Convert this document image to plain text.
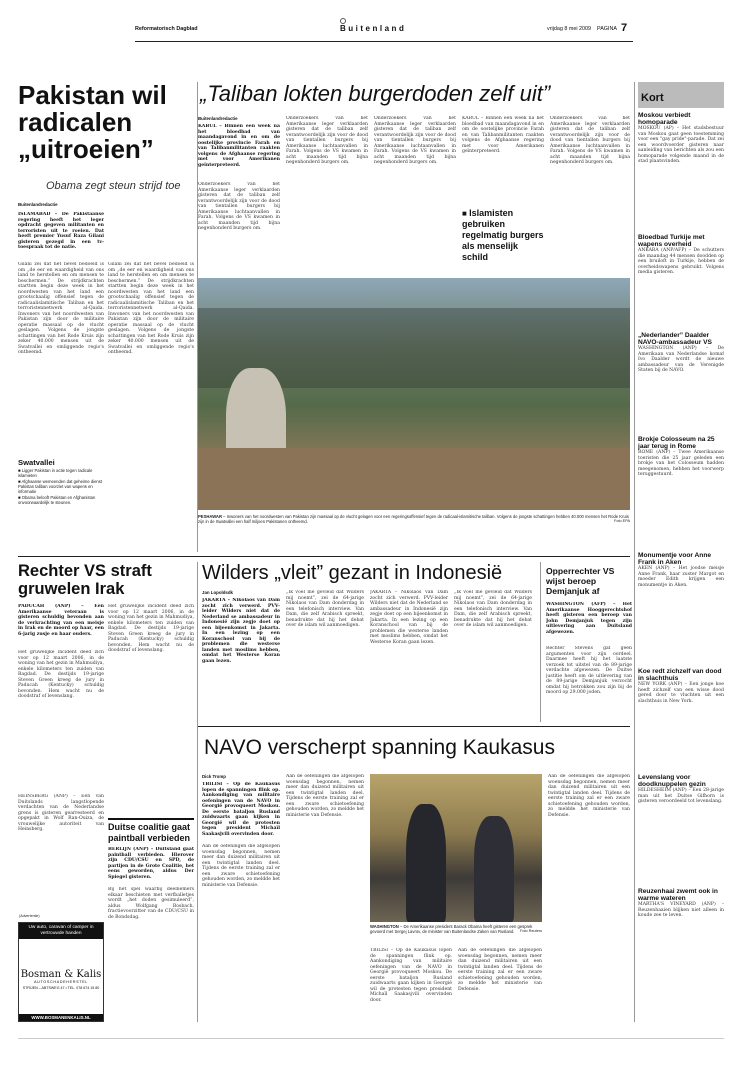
Reformatorisch Dagblad	Buitenland	vrijdag 8 mei 2009 PAGINA 7
Pakistan wil radicalen „uitroeien”
Obama zegt steun strijd toe
Buitenlandredactie
ISLAMABAD – De Pakistaanse regering heeft het leger opdracht gegeven militanten en terroristen uit te roeien. Dat heeft premier Yusuf Raza Gilani gisteren gezegd in een tv-toespraak tot de natie.
Gilani zei dat het bevel bedoeld is om „de eer en waardigheid van ons land te herstellen en om mensen te beschermen.” De strijdkrachten startten begin deze week in het noordwesten van het land een grootschaalig offensief tegen de radicaalislamitische Taliban en het terroristennetwerk al-Qaida. Inwoners van het noordwesten van Pakistan zijn door de militaire operatie massaal op de vlucht geslagen. Volgens de jongste schattingen van het Rode Kruis zijn zeker 40.000 mensen uit de Swatvallei en omliggende regio's ontheemd.
Swatvallei
■ Ligger Pakistan in actie tegen radicale islamieten
■ Afghaanse wemeenden dat geheime dienst Pakistan taliban voorziet van wapens en informatie
■ Obama belooft Pakistan en Afghanistan onvoorwaardelijk te steunen.
Gilani zei dat het bevel bedoeld is om „de eer en waardigheid van ons land te herstellen en om mensen te beschermen.” De strijdkrachten startten begin deze week in het noordwesten van het land een grootschaalig offensief tegen de radicaalislamitische Taliban en het terroristennetwerk al-Qaida. Inwoners van het noordwesten van Pakistan zijn door de militaire operatie massaal op de vlucht geslagen. Volgens de jongste schattingen van het Rode Kruis zijn zeker 40.000 mensen uit de Swatvallei en omliggende regio's ontheemd.
„Taliban lokten burgerdoden zelf uit”
Buitenlandredactie
KABUL – Binnen een week na het bloedbad van maandagavond in en om de oostelijke provincie Farah en van Talibanmilitanten raakten volgens de Afghaanse regering met voor Amerikanen geïnterpreteerd.
Onderzoekers van het Amerikaanse leger verklaarden gisteren dat de taliban zelf verantwoordelijk zijn voor de dood van tientallen burgers bij Amerikaanse luchtaanvallen in Farah. Volgens de VS kwamen in acht maanden tijd bijna negenhonderd burgers om.
Onderzoekers van het Amerikaanse leger verklaarden gisteren dat de taliban zelf verantwoordelijk zijn voor de dood van tientallen burgers bij Amerikaanse luchtaanvallen in Farah. Volgens de VS kwamen in acht maanden tijd bijna negenhonderd burgers om.
Onderzoekers van het Amerikaanse leger verklaarden gisteren dat de taliban zelf verantwoordelijk zijn voor de dood van tientallen burgers bij Amerikaanse luchtaanvallen in Farah. Volgens de VS kwamen in acht maanden tijd bijna negenhonderd burgers om.
KABUL – Binnen een week na het bloedbad van maandagavond in en om de oostelijke provincie Farah en van Talibanmilitanten raakten volgens de Afghaanse regering met voor Amerikanen geïnterpreteerd.
■ Islamisten gebruiken regelmatig burgers als menselijk schild
Onderzoekers van het Amerikaanse leger verklaarden gisteren dat de taliban zelf verantwoordelijk zijn voor de dood van tientallen burgers bij Amerikaanse luchtaanvallen in Farah. Volgens de VS kwamen in acht maanden tijd bijna negenhonderd burgers om.
PESHAWAR – Inwoners van het noordwesten van Pakistan zijn massaal op de vlucht gelagen voor een regeringsoffensief tegen de radicaal-islamitische taliban. Volgens de jongste schattingen hebben 40.000 mensen het Rode Kruis zijn in de Swatvallei een half miljoen Pakistanen ontheemd.	Foto EPA
Rechter VS straft gruwelen Irak
PADUCAH (ANP) – Een Amerikaanse veteraan is gisteren schuldig bevonden aan de verkrachting van een meisje in Irak en de moord op haar, een 6-jarig zusje en haar ouders.
Het gruwelijke incident deed zich voor op 12 maart 2006, in de woning van het gezin in Mahmudiya, enkele kilometers ten zuiden van Bagdad. De destijds 19-jarige Steven Green kreeg de jury in Paducah (Kentucky) schuldig bevonden. Hem wacht nu de doodstraf of levenslang.
Het gruwelijke incident deed zich voor op 12 maart 2006, in de woning van het gezin in Mahmudiya, enkele kilometers ten zuiden van Bagdad. De destijds 19-jarige Steven Green kreeg de jury in Paducah (Kentucky) schuldig bevonden. Hem wacht nu de doodstraf of levenslang.
HEINSBERG (ANP) – Een van Duitslands langstlopende verdachten van de Nederlandse grens is gisteren gearresteerd en opgepakt in Wolf Ran-Ouiza, de vrouwelijke autoriteit van Heinsberg.	Duitse coalitie gaat paintball verbieden
BERLIJN (ANP) – Duitsland gaat paintball verbieden. Hierover zijn CDU/CSU en SPD, de partijen in de Grote Coalitie, het eens geworden, aldus Der Spiegel gisteren.
Bij het spel waarbij deelnemers elkaar beschieten met verfballetjes wordt „het doden gesimuleerd”, aldus Wolfgang Bosbach, fractievoorzitter van de CDU/CSU in de Bondsdag.
(Advertentie)
Uw auto, caravan of camper in vertrouwde handen
Bosman & Kalis
AUTOSCHADEHERSTEL
STRIJEN – ABTSWEG 47 • TEL. 078 674 15 80
WWW.BOSMANENKALIS.NL
Wilders „vleit” gezant in Indonesië
Jan Lopoldsdk
JAKARTA – Nikolaos van Dam zocht zich verwerd. PVV-leider Wilders niet dat de Nederland se ambassadeur in Indonesië zijn zegje doet op een bijeenkomst in Jakarta. In een lezing op een Koranschool van bij de problemen die westerse landen met moslims hebben, omdat het Westerse Koran gaan lezen.
„Ik voel me gevleid dat Wilders mij noemt”, zei de 64-jarige Nikolaos van Dam donderdag in een telefonisch interview. Van Dam, die zelf Arabisch spreekt, benadrukte dat hij het debat over de islam wil aanmoedigen.
JAKARTA – Nikolaos van Dam zocht zich verwerd. PVV-leider Wilders niet dat de Nederland se ambassadeur in Indonesië zijn zegje doet op een bijeenkomst in Jakarta. In een lezing op een Koranschool van bij de problemen die westerse landen met moslims hebben, omdat het Westerse Koran gaan lezen.
„Ik voel me gevleid dat Wilders mij noemt”, zei de 64-jarige Nikolaos van Dam donderdag in een telefonisch interview. Van Dam, die zelf Arabisch spreekt, benadrukte dat hij het debat over de islam wil aanmoedigen.
Opperrechter VS wijst beroep Demjanjuk af
WASHINGTON (AFP) – Het Amerikaanse Hooggerechtshof heeft gisteren een beroep van John Demjanjuk tegen zijn uitlevering aan Duitsland afgewezen.
Rechter Stevens gaf geen argumenten voor zijn oordeel. Daarmee heeft hij het laatste verzoek tot uitstel van de 89-jarige verdachte afgewezen. De Duitse justitie heeft om de uitlevering van de 89-jarige Demjanjuk verzocht omdat hij betrokken zou zijn bij de moord op 29.000 joden.
NAVO verscherpt spanning Kaukasus
Dick Tromp
TBILISI – Op de Kaukasus lopen de spanningen flink op. Aankondiging van militaire oefeningen van de NAVO in Georgië provoqueert Moskou. De eerste bataljon Rusland zuidwaarts gaan kijken in Georgië wil de protesten tegen president Michaïl Saakasjvili overvinden door.
Aan de oefeningen die afgelopen woensdag begonnen, nemen meer dan duizend militairen uit een twintigtal landen deel. Tijdens de eerste training zal er een zware schietoefening gehouden worden, zo meldde het ministerie van Defensie.
Aan de oefeningen die afgelopen woensdag begonnen, nemen meer dan duizend militairen uit een twintigtal landen deel. Tijdens de eerste training zal er een zware schietoefening gehouden worden, zo meldde het ministerie van Defensie.
WASHINGTON – De Amerikaanse president Barack Obama heeft gisteren een gesprek gevoerd met Sergej Lavrov, de minister van Buitenlandse Zaken van Rusland. Foto Reuters
TBILISI – Op de Kaukasus lopen de spanningen flink op. Aankondiging van militaire oefeningen van de NAVO in Georgië provoqueert Moskou. De eerste bataljon Rusland zuidwaarts gaan kijken in Georgië wil de protesten tegen president Michaïl Saakasjvili overvinden door.
Aan de oefeningen die afgelopen woensdag begonnen, nemen meer dan duizend militairen uit een twintigtal landen deel. Tijdens de eerste training zal er een zware schietoefening gehouden worden, zo meldde het ministerie van Defensie.
Aan de oefeningen die afgelopen woensdag begonnen, nemen meer dan duizend militairen uit een twintigtal landen deel. Tijdens de eerste training zal er een zware schietoefening gehouden worden, zo meldde het ministerie van Defensie.
Kort
Moskou verbiedt homoparade
MOSKOU (AP) – Het stadsbestuur van Moskou gaat geen toestemming voor een "gay pride"-parade. Dat zei een woordvoerder gisteren naar aanleiding van berichten als zou een homoparade volgende maand in de stad plaatsvinden.
Bloedbad Turkije met wapens overheid
ANKARA (ANP/AFP) – De schutters die maandag 44 mensen doodden op een bruiloft in Turkije, hebben de overheidswapens gebruikt. Volgens media gisteren.
„Nederlander” Daalder NAVO-ambassadeur VS
WASHINGTON (ANP) – De Amerikaan van Nederlandse komaf Ivo Daalder wordt de nieuwe ambassadeur van de Verenigde Staten bij de NAVO.
Brokje Colosseum na 25 jaar terug in Rome
ROME (ANP) – Twee Amerikaanse toeristen die 25 jaar geleden een brokje van het Colosseum hadden meegenomen, hebben het voorwerp teruggestuurd.
Monumentje voor Anne Frank in Aken
AKEN (ANP) – Het joodse meisje Anne Frank, haar zuster Margot en moeder Edith krijgen een monumentje in Aken.
Koe redt zichzelf van dood in slachthuis
NEW YORK (ANP) – Een jonge koe heeft zichzelf van een wisse dood gered door te vluchten uit een slachthuis in New York.
Levenslang voor doodknuppelen gezin
HILDESHEIM (ANP) – Een 28-jarige man uit het Duitse Gifhorn is gisteren veroordeeld tot levenslang.
Reuzenhaai zwemt ook in warme wateren
MARTHA'S VINEYARD (ANP) – Reuzenhaaien blijken niet alleen in koude zee te leven.
